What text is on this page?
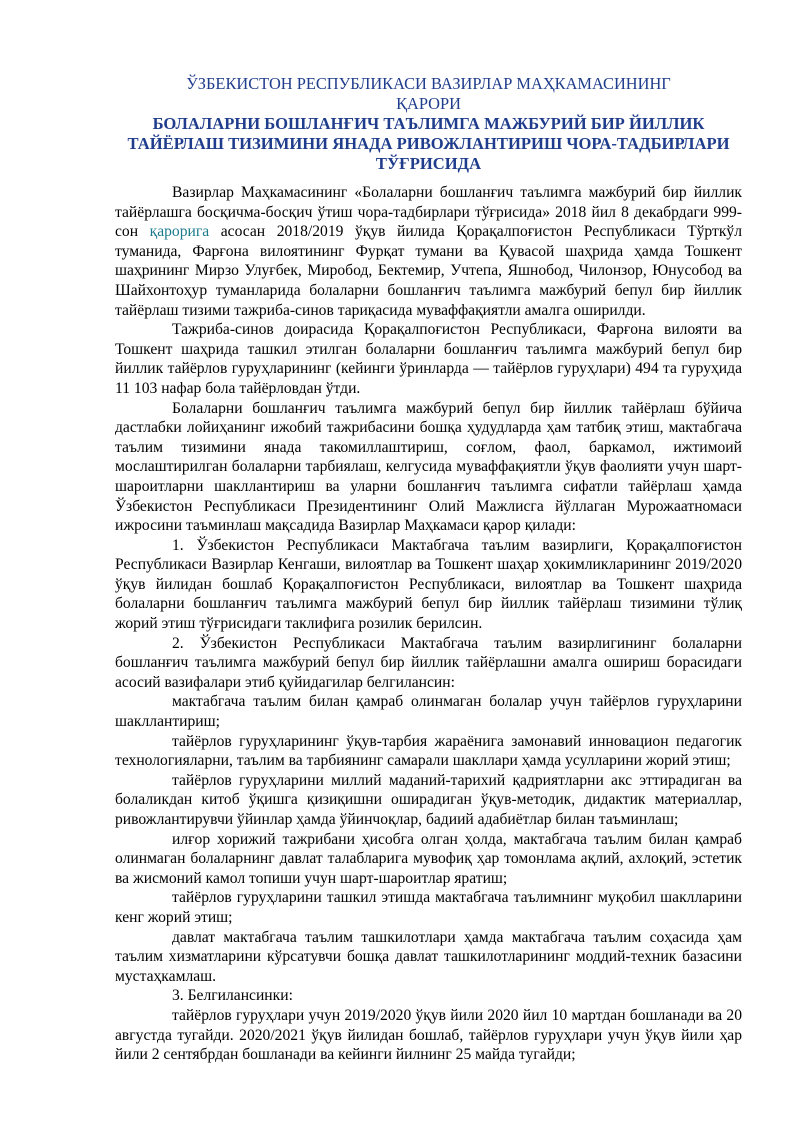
ЎЗБЕКИСТОН РЕСПУБЛИКАСИ ВАЗИРЛАР МАҲКАМАСИНИНГ
ҚАРОРИ
БОЛАЛАРНИ БОШЛАНҒИЧ ТАЪЛИМГА МАЖБУРИЙ БИР ЙИЛЛИК
ТАЙЁРЛАШ ТИЗИМИНИ ЯНАДА РИВОЖЛАНТИРИШ ЧОРА-ТАДБИРЛАРИ
ТЎҒРИСИДА

Вазирлар Маҳкамасининг «Болаларни бошланғич таълимга мажбурий бир йиллик тайёрлашга босқичма-босқич ўтиш чора-тадбирлари тўғрисида» 2018 йил 8 декабрдаги 999-сон қарорига асосан 2018/2019 ўқув йилида Қорақалпоғистон Республикаси Тўрткўл туманида, Фарғона вилоятининг Фурқат тумани ва Қувасой шаҳрида ҳамда Тошкент шаҳрининг Мирзо Улуғбек, Миробод, Бектемир, Учтепа, Яшнобод, Чилонзор, Юнусобод ва Шайхонтоҳур туманларида болаларни бошланғич таълимга мажбурий бепул бир йиллик тайёрлаш тизими тажриба-синов тариқасида муваффақиятли амалга оширилди.

Тажриба-синов доирасида Қорақалпоғистон Республикаси, Фарғона вилояти ва Тошкент шаҳрида ташкил этилган болаларни бошланғич таълимга мажбурий бепул бир йиллик тайёрлов гуруҳларининг (кейинги ўринларда — тайёрлов гуруҳлари) 494 та гуруҳида 11 103 нафар бола тайёрловдан ўтди.

Болаларни бошланғич таълимга мажбурий бепул бир йиллик тайёрлаш бўйича дастлабки лойиҳанинг ижобий тажрибасини бошқа ҳудудларда ҳам татбиқ этиш, мактабгача таълим тизимини янада такомиллаштириш, соғлом, фаол, баркамол, ижтимоий мослаштирилган болаларни тарбиялаш, келгусида муваффақиятли ўқув фаолияти учун шарт-шароитларни шакллантириш ва уларни бошланғич таълимга сифатли тайёрлаш ҳамда Ўзбекистон Республикаси Президентининг Олий Мажлисга йўллаган Мурожаатномаси ижросини таъминлаш мақсадида Вазирлар Маҳкамаси қарор қилади:

1. Ўзбекистон Республикаси Мактабгача таълим вазирлиги, Қорақалпоғистон Республикаси Вазирлар Кенгаши, вилоятлар ва Тошкент шаҳар ҳокимликларининг 2019/2020 ўқув йилидан бошлаб Қорақалпоғистон Республикаси, вилоятлар ва Тошкент шаҳрида болаларни бошланғич таълимга мажбурий бепул бир йиллик тайёрлаш тизимини тўлиқ жорий этиш тўғрисидаги таклифига розилик берилсин.

2. Ўзбекистон Республикаси Мактабгача таълим вазирлигининг болаларни бошланғич таълимга мажбурий бепул бир йиллик тайёрлашни амалга ошириш борасидаги асосий вазифалари этиб қуйидагилар белгилансин:

мактабгача таълим билан қамраб олинмаган болалар учун тайёрлов гуруҳларини шакллантириш;

тайёрлов гуруҳларининг ўқув-тарбия жараёнига замонавий инновацион педагогик технологияларни, таълим ва тарбиянинг самарали шакллари ҳамда усулларини жорий этиш;

тайёрлов гуруҳларини миллий маданий-тарихий қадриятларни акс эттирадиган ва болаликдан китоб ўқишга қизиқишни оширадиган ўқув-методик, дидактик материаллар, ривожлантирувчи ўйинлар ҳамда ўйинчоқлар, бадиий адабиётлар билан таъминлаш;

илғор хорижий тажрибани ҳисобга олган ҳолда, мактабгача таълим билан қамраб олинмаган болаларнинг давлат талабларига мувофиқ ҳар томонлама ақлий, ахлоқий, эстетик ва жисмоний камол топиши учун шарт-шароитлар яратиш;

тайёрлов гуруҳларини ташкил этишда мактабгача таълимнинг муқобил шаклларини кенг жорий этиш;

давлат мактабгача таълим ташкилотлари ҳамда мактабгача таълим соҳасида ҳам таълим хизматларини кўрсатувчи бошқа давлат ташкилотларининг моддий-техник базасини мустаҳкамлаш.

3. Белгилансинки:

тайёрлов гуруҳлари учун 2019/2020 ўқув йили 2020 йил 10 мартдан бошланади ва 20 августда тугайди. 2020/2021 ўқув йилидан бошлаб, тайёрлов гуруҳлари учун ўқув йили ҳар йили 2 сентябрдан бошланади ва кейинги йилнинг 25 майда тугайди;
